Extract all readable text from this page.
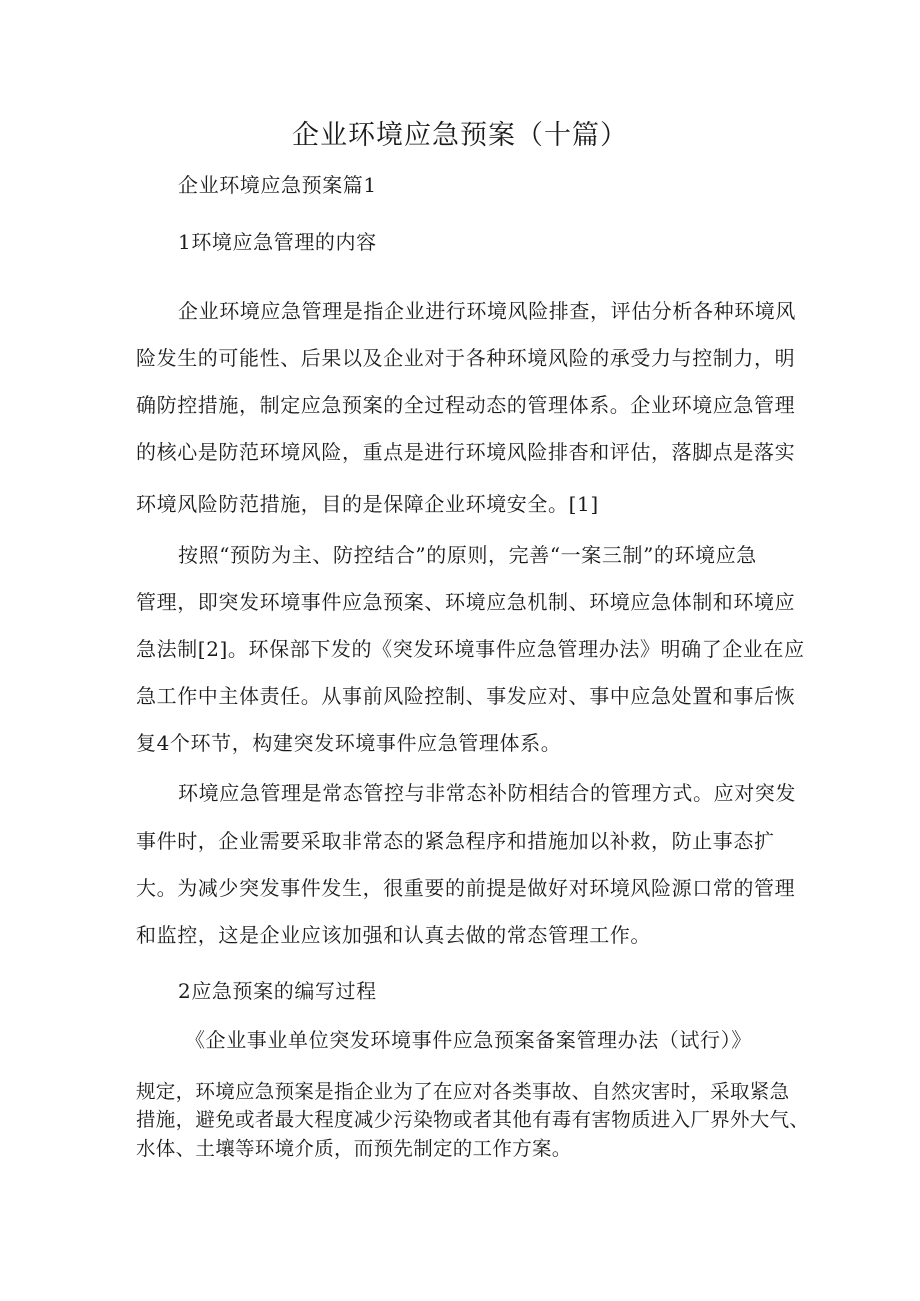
企业环境应急预案（十篇）
企业环境应急预案篇1
1环境应急管理的内容
企业环境应急管理是指企业进行环境风险排查，评估分析各种环境风
险发生的可能性、后果以及企业对于各种环境风险的承受力与控制力，明
确防控措施，制定应急预案的全过程动态的管理体系。企业环境应急管理
的核心是防范环境风险，重点是进行环境风险排杳和评估，落脚点是落实
环境风险防范措施，目的是保障企业环境安全。[1]
按照“预防为主、防控结合”的原则，完善“一案三制”的环境应急
管理，即突发环境事件应急预案、环境应急机制、环境应急体制和环境应
急法制[2]。环保部下发的《突发环境事件应急管理办法》明确了企业在应
急工作中主体责任。从事前风险控制、事发应对、事中应急处置和事后恢
复4个环节，构建突发环境事件应急管理体系。
环境应急管理是常态管控与非常态补防相结合的管理方式。应对突发
事件时，企业需要采取非常态的紧急程序和措施加以补救，防止事态扩
大。为减少突发事件发生，很重要的前提是做好对环境风险源口常的管理
和监控，这是企业应该加强和认真去做的常态管理工作。
2应急预案的编写过程
《企业事业单位突发环境事件应急预案备案管理办法（试行）》
规定，环境应急预案是指企业为了在应对各类事故、自然灾害时，采取紧急
措施，避免或者最大程度减少污染物或者其他有毒有害物质进入厂界外大气、
水体、土壤等环境介质，而预先制定的工作方案。
